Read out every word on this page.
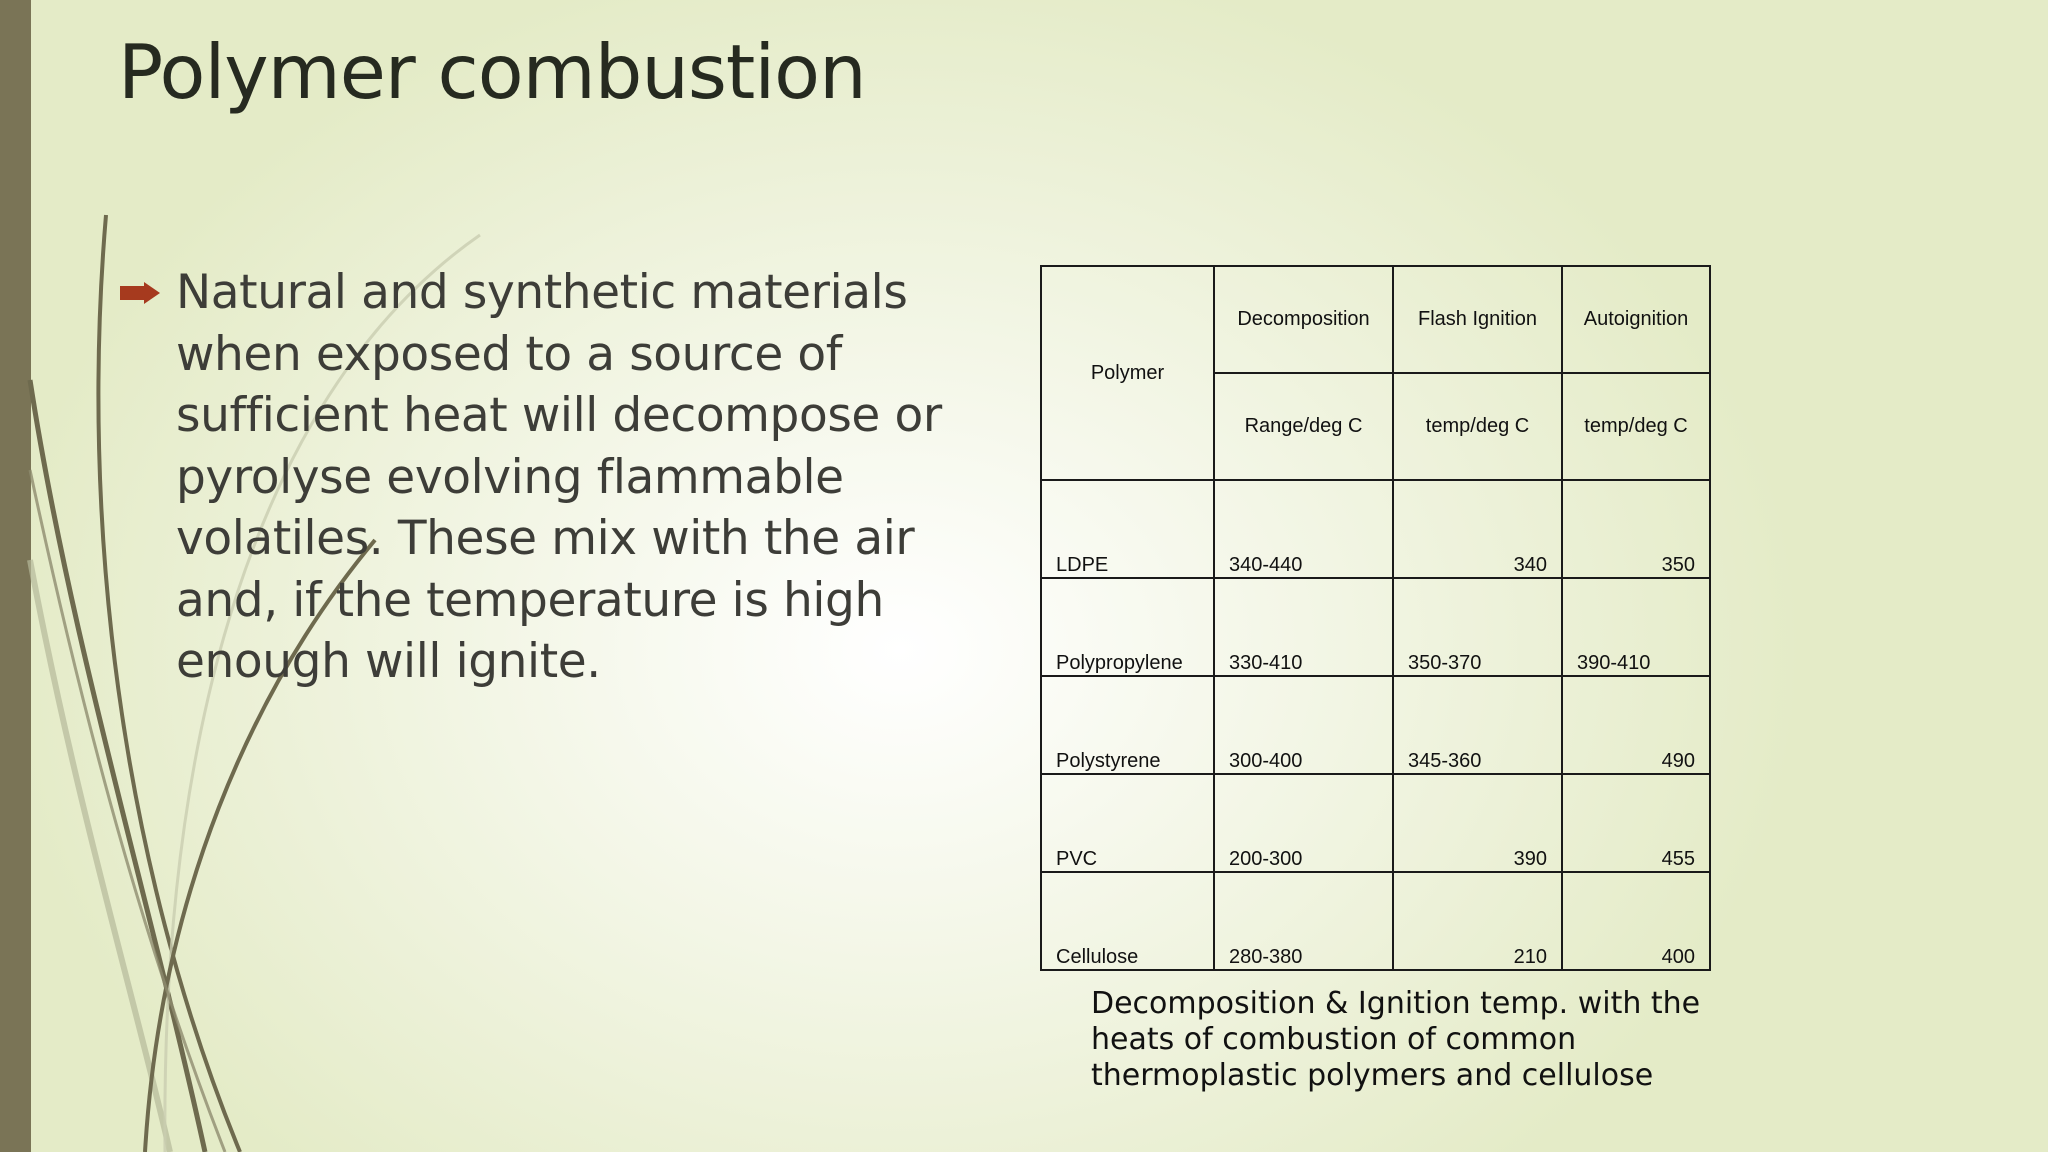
Polymer combustion

Natural and synthetic materials when exposed to a source of sufficient heat will decompose or pyrolyse evolving flammable volatiles. These mix with the air and, if the temperature is high enough will ignite.

Polymer	Decomposition	Flash Ignition	Autoignition
	Range/deg C	temp/deg C	temp/deg C
LDPE	340-440	340	350
Polypropylene	330-410	350-370	390-410
Polystyrene	300-400	345-360	490
PVC	200-300	390	455
Cellulose	280-380	210	400

Decomposition & Ignition temp. with the heats of combustion of common thermoplastic polymers and cellulose
